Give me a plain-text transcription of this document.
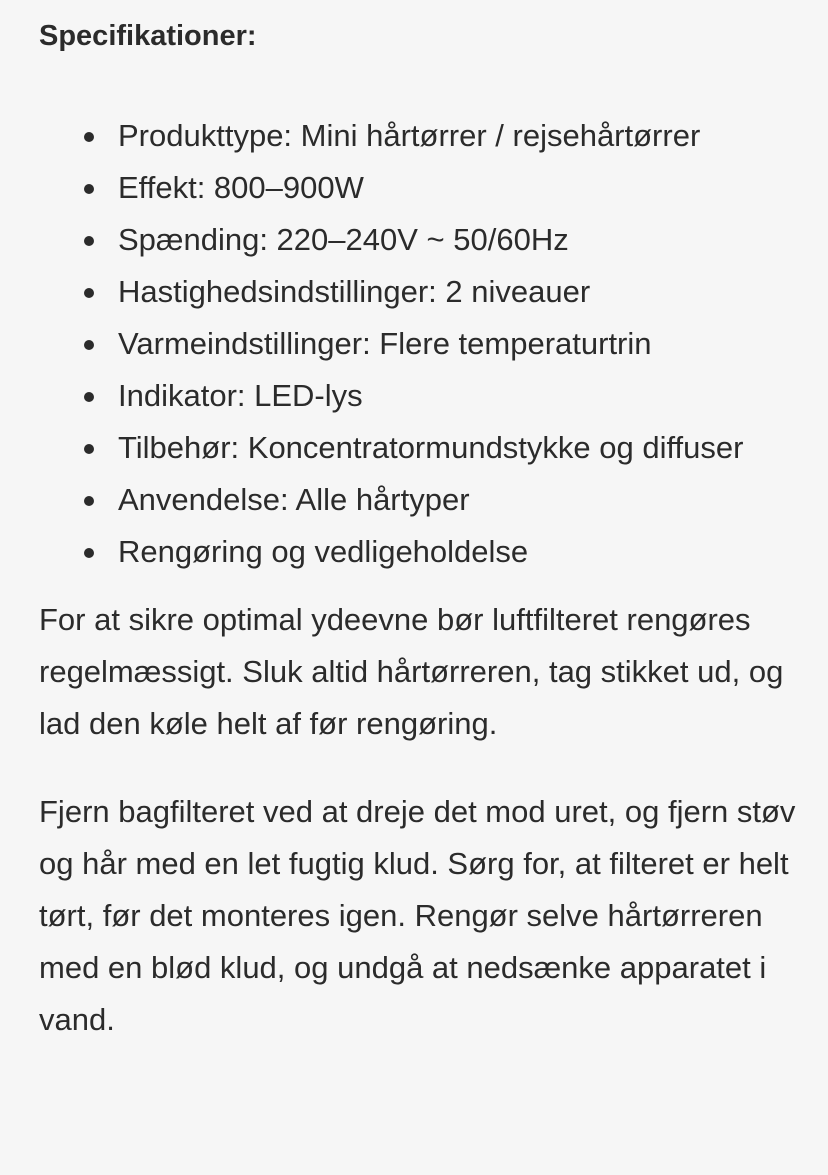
Specifikationer:
Produkttype: Mini hårtørrer / rejsehårtørrer
Effekt: 800–900W
Spænding: 220–240V ~ 50/60Hz
Hastighedsindstillinger: 2 niveauer
Varmeindstillinger: Flere temperaturtrin
Indikator: LED-lys
Tilbehør: Koncentratormundstykke og diffuser
Anvendelse: Alle hårtyper
Rengøring og vedligeholdelse

For at sikre optimal ydeevne bør luftfilteret rengøres regelmæssigt. Sluk altid hårtørreren, tag stikket ud, og lad den køle helt af før rengøring.

Fjern bagfilteret ved at dreje det mod uret, og fjern støv og hår med en let fugtig klud. Sørg for, at filteret er helt tørt, før det monteres igen. Rengør selve hårtørreren med en blød klud, og undgå at nedsænke apparatet i vand.
